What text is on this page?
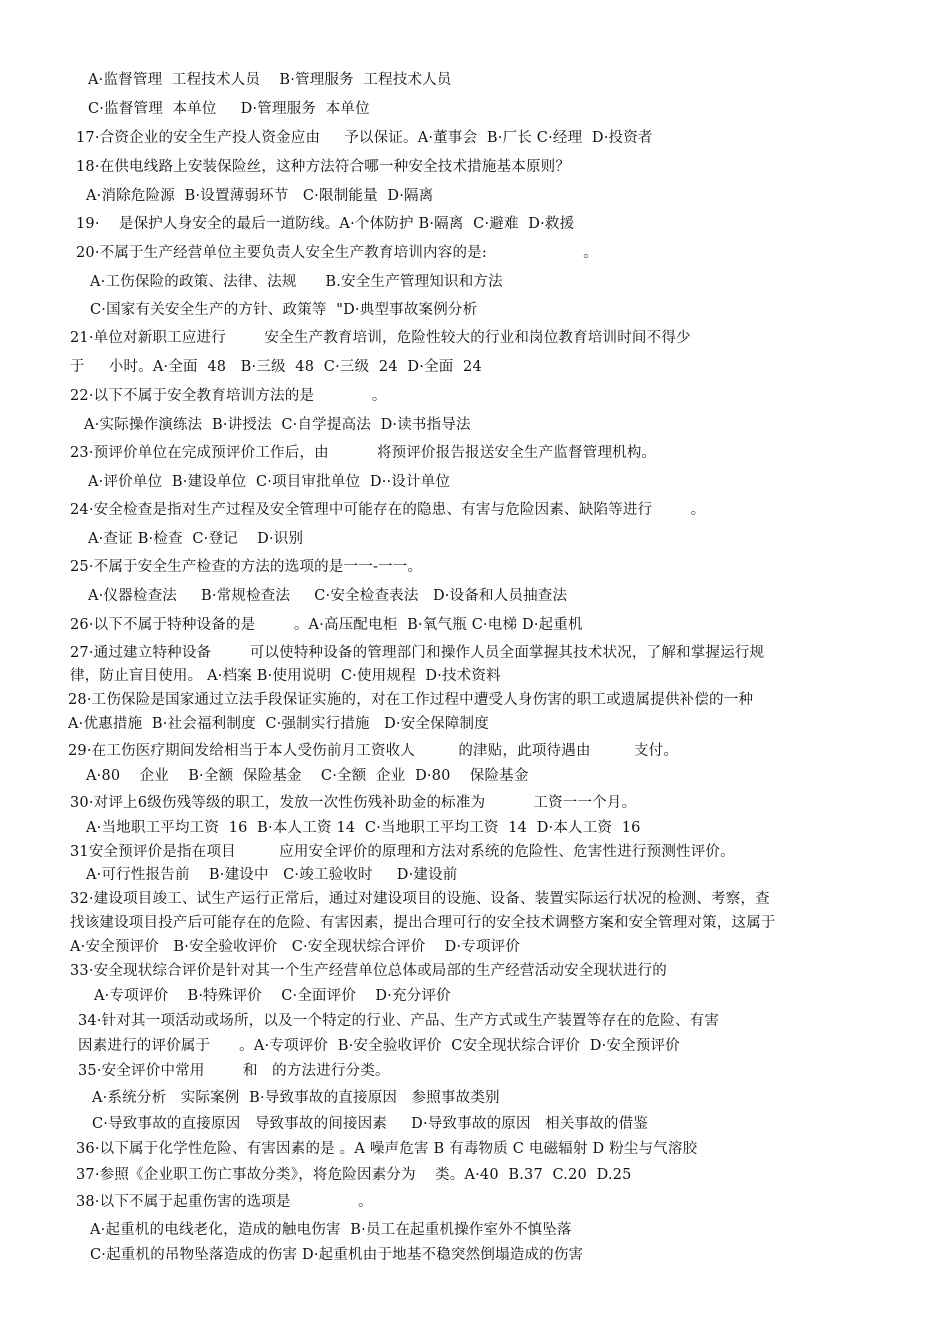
A·监督管理  工程技术人员    B·管理服务  工程技术人员
C·监督管理  本单位     D·管理服务  本单位
17·合资企业的安全生产投人资金应由     予以保证。A·董事会  B·厂长 C·经理  D·投资者
18·在供电线路上安装保险丝，这种方法符合哪一种安全技术措施基本原则？
A·消除危险源  B·设置薄弱环节   C·限制能量  D·隔离
19·    是保护人身安全的最后一道防线。A·个体防护 B·隔离  C·避难  D·救援
20·不属于生产经营单位主要负责人安全生产教育培训内容的是:                    。
A·工伤保险的政策、法律、法规      B.安全生产管理知识和方法
C·国家有关安全生产的方针、政策等  "D·典型事故案例分析
21·单位对新职工应进行        安全生产教育培训，危险性较大的行业和岗位教育培训时间不得少
于     小时。A·全面  48   B·三级  48  C·三级  24  D·全面  24
22·以下不属于安全教育培训方法的是            。
A·实际操作演练法  B·讲授法  C·自学提高法  D·读书指导法
23·预评价单位在完成预评价工作后，由          将预评价报告报送安全生产监督管理机构。
A·评价单位  B·建设单位  C·项目审批单位  D··设计单位
24·安全检查是指对生产过程及安全管理中可能存在的隐患、有害与危险因素、缺陷等进行        。
A·查证 B·检查  C·登记    D·识别
25·不属于安全生产检查的方法的选项的是一一-一一。
A·仪器检查法     B·常规检查法     C·安全检查表法   D·设备和人员抽查法
26·以下不属于特种设备的是        。A·高压配电柜  B·氧气瓶 C·电梯 D·起重机
27·通过建立特种设备        可以使特种设备的管理部门和操作人员全面掌握其技术状况，了解和掌握运行规
律，防止盲目使用。 A·档案 B·使用说明  C·使用规程  D·技术资料
28·工伤保险是国家通过立法手段保证实施的，对在工作过程中遭受人身伤害的职工或遗属提供补偿的一种
A·优惠措施  B·社会福利制度  C·强制实行措施   D·安全保障制度
29·在工伤医疗期间发给相当于本人受伤前月工资收人         的津贴，此项待遇由         支付。
A·80    企业    B·全额  保险基金    C·全额  企业  D·80    保险基金
30·对评上6级伤残等级的职工，发放一次性伤残补助金的标准为          工资一一个月。
A·当地职工平均工资  16  B·本人工资 14  C·当地职工平均工资  14  D·本人工资  16
31安全预评价是指在项目         应用安全评价的原理和方法对系统的危险性、危害性进行预测性评价。
A·可行性报告前    B·建设中   C·竣工验收时     D·建设前
32·建设项目竣工、试生产运行正常后，通过对建设项目的设施、设备、装置实际运行状况的检测、考察，查
找该建设项目投产后可能存在的危险、有害因素，提出合理可行的安全技术调整方案和安全管理对策，这属于
A·安全预评价   B·安全验收评价   C·安全现状综合评价    D·专项评价
33·安全现状综合评价是针对其一个生产经营单位总体或局部的生产经营活动安全现状进行的
A·专项评价    B·特殊评价    C·全面评价    D·充分评价
34·针对其一项活动或场所，以及一个特定的行业、产品、生产方式或生产装置等存在的危险、有害
因素进行的评价属于      。A·专项评价  B·安全验收评价  C安全现状综合评价  D·安全预评价
35·安全评价中常用        和   的方法进行分类。
A·系统分析   实际案例  B·导致事故的直接原因   参照事故类别
C·导致事故的直接原因   导致事故的间接因素     D·导致事故的原因   相关事故的借鉴
36·以下属于化学性危险、有害因素的是 。A 噪声危害 B 有毒物质 C 电磁辐射 D 粉尘与气溶胶
37·参照《企业职工伤亡事故分类》，将危险因素分为    类。A·40  B.37  C.20  D.25
38·以下不属于起重伤害的选项是              。
A·起重机的电线老化，造成的触电伤害  B·员工在起重机操作室外不慎坠落
C·起重机的吊物坠落造成的伤害 D·起重机由于地基不稳突然倒塌造成的伤害
